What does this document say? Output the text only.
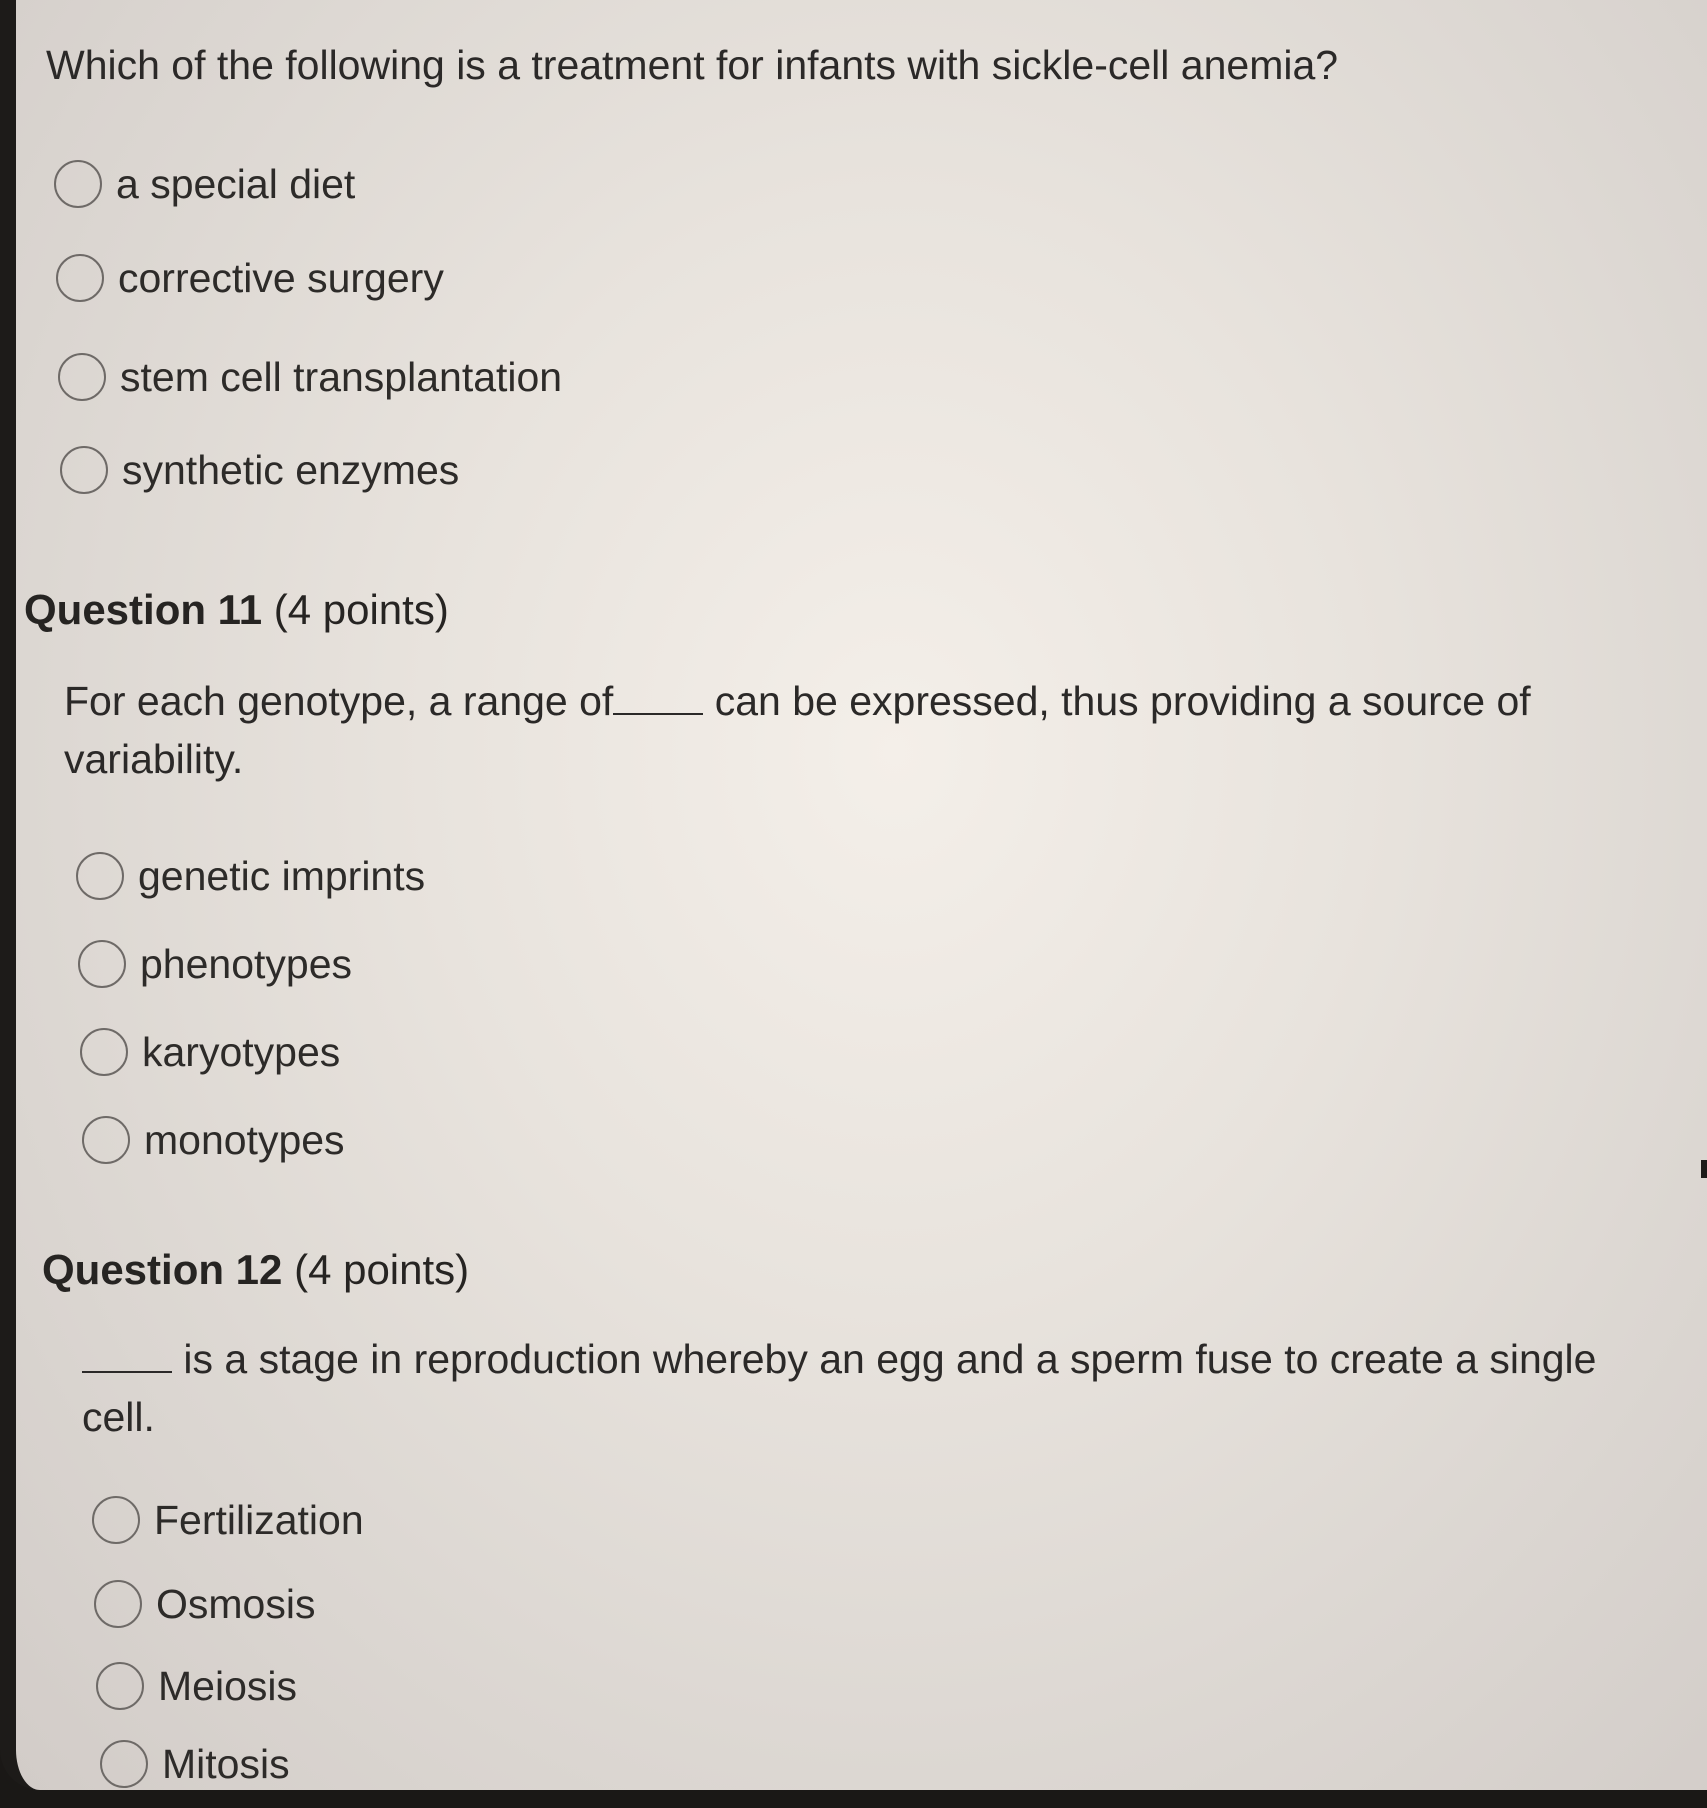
Which of the following is a treatment for infants with sickle-cell anemia?
a special diet
corrective surgery
stem cell transplantation
synthetic enzymes
Question 11 (4 points)
For each genotype, a range of can be expressed, thus providing a source of variability.
genetic imprints
phenotypes
karyotypes
monotypes
Question 12 (4 points)
is a stage in reproduction whereby an egg and a sperm fuse to create a single cell.
Fertilization
Osmosis
Meiosis
Mitosis
